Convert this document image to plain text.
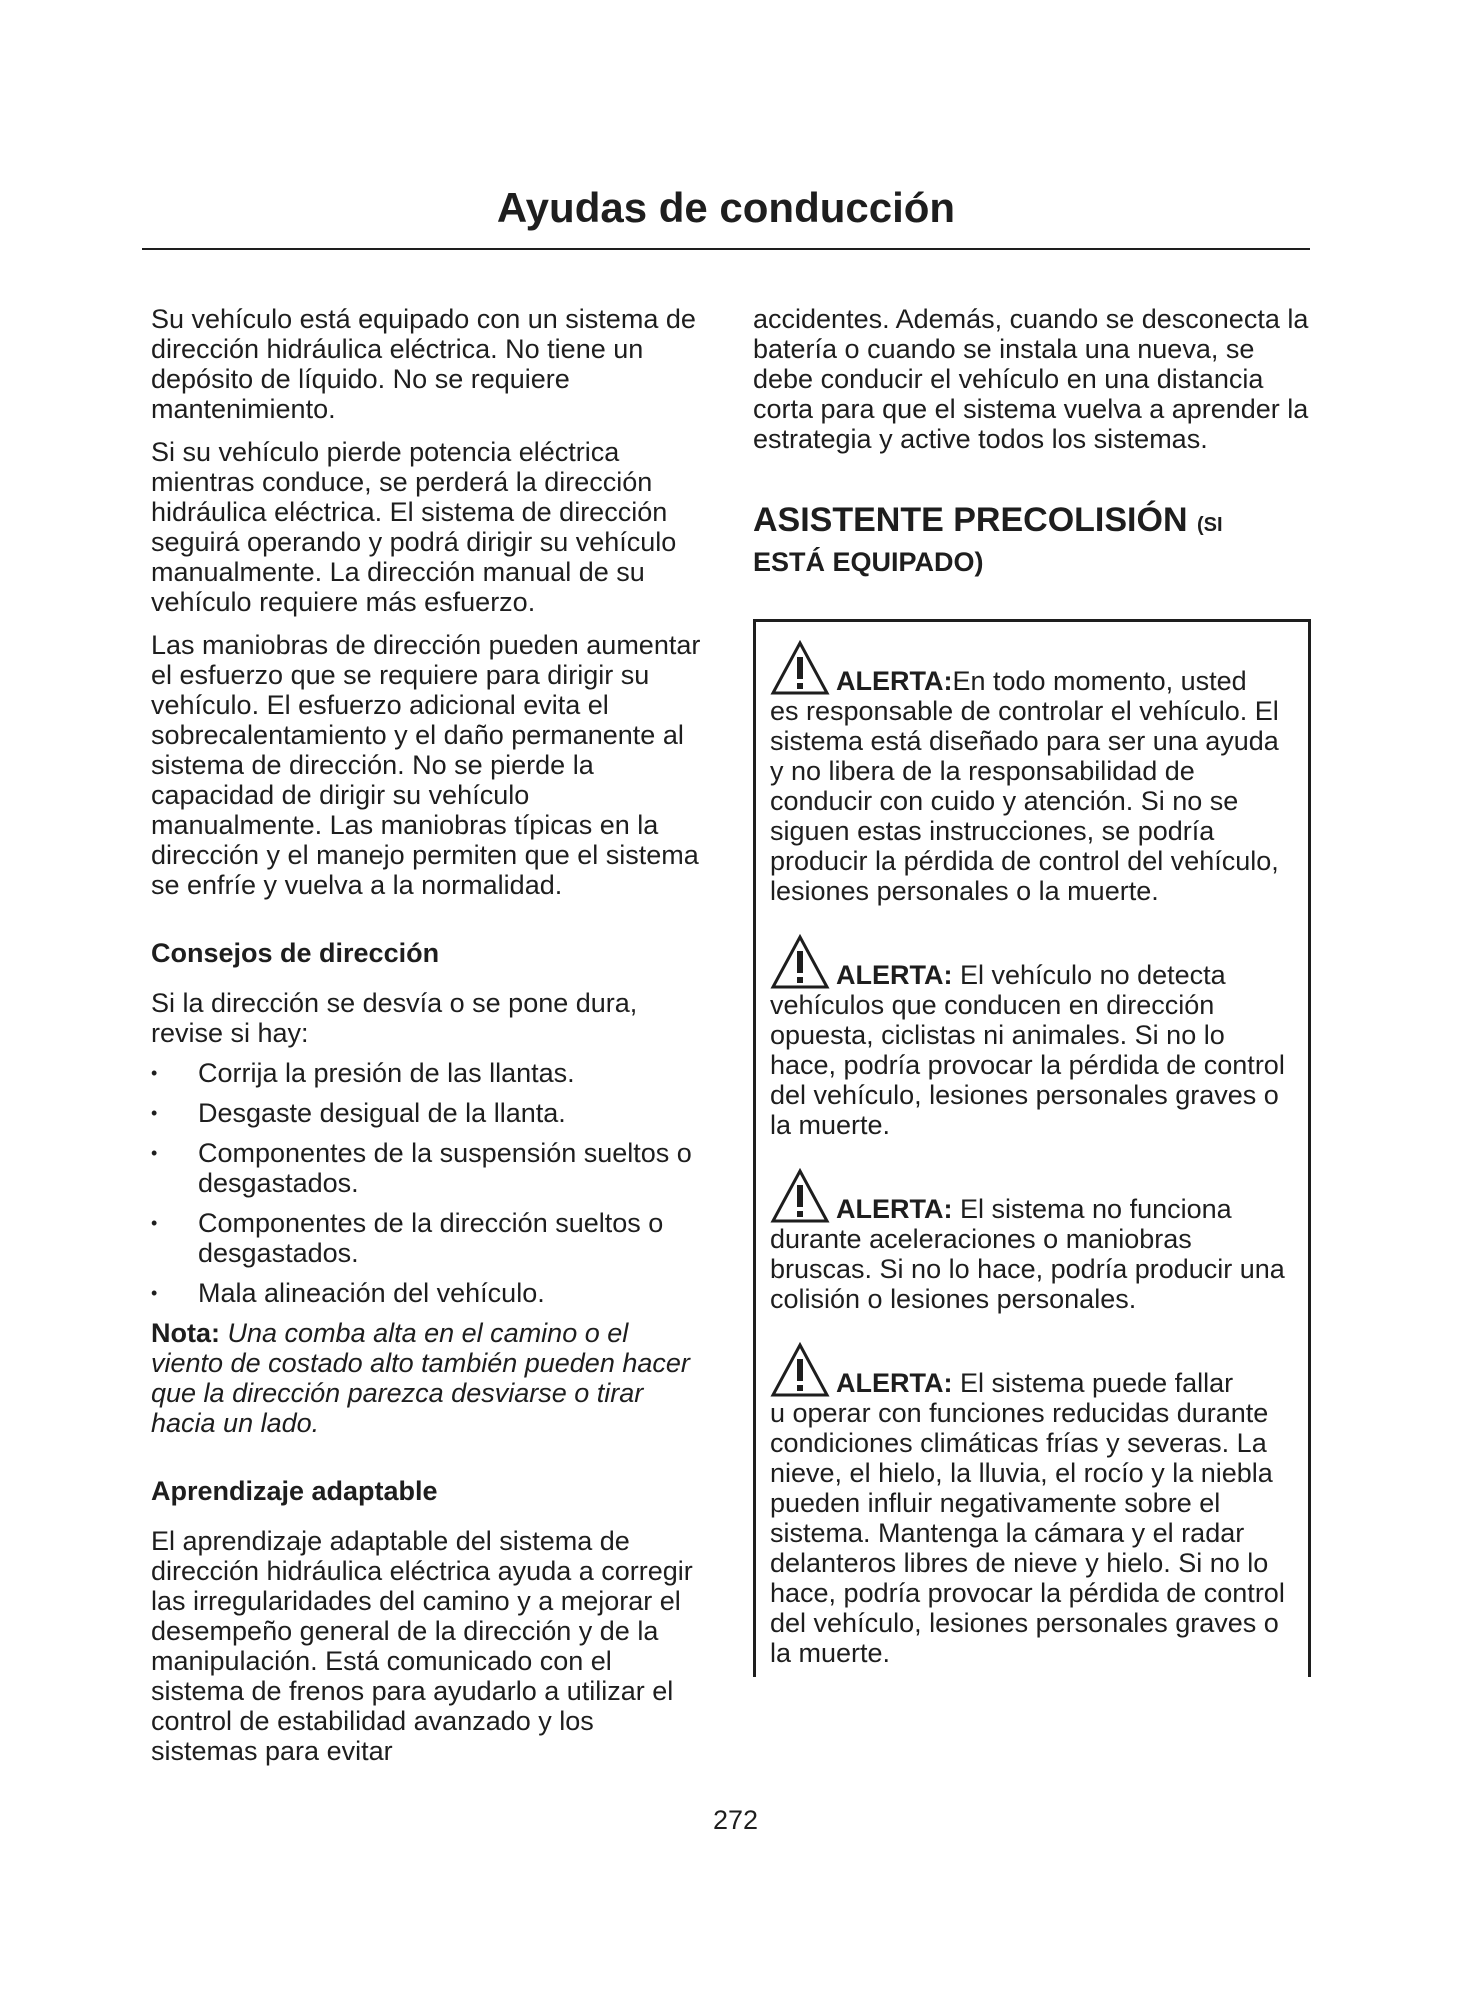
Ayudas de conducción

Su vehículo está equipado con un sistema de dirección hidráulica eléctrica. No tiene un depósito de líquido. No se requiere mantenimiento.

Si su vehículo pierde potencia eléctrica mientras conduce, se perderá la dirección hidráulica eléctrica. El sistema de dirección seguirá operando y podrá dirigir su vehículo manualmente. La dirección manual de su vehículo requiere más esfuerzo.

Las maniobras de dirección pueden aumentar el esfuerzo que se requiere para dirigir su vehículo. El esfuerzo adicional evita el sobrecalentamiento y el daño permanente al sistema de dirección. No se pierde la capacidad de dirigir su vehículo manualmente. Las maniobras típicas en la dirección y el manejo permiten que el sistema se enfríe y vuelva a la normalidad.

Consejos de dirección

Si la dirección se desvía o se pone dura, revise si hay:

• Corrija la presión de las llantas.
• Desgaste desigual de la llanta.
• Componentes de la suspensión sueltos o desgastados.
• Componentes de la dirección sueltos o desgastados.
• Mala alineación del vehículo.

Nota: Una comba alta en el camino o el viento de costado alto también pueden hacer que la dirección parezca desviarse o tirar hacia un lado.

Aprendizaje adaptable

El aprendizaje adaptable del sistema de dirección hidráulica eléctrica ayuda a corregir las irregularidades del camino y a mejorar el desempeño general de la dirección y de la manipulación. Está comunicado con el sistema de frenos para ayudarlo a utilizar el control de estabilidad avanzado y los sistemas para evitar

accidentes. Además, cuando se desconecta la batería o cuando se instala una nueva, se debe conducir el vehículo en una distancia corta para que el sistema vuelva a aprender la estrategia y active todos los sistemas.

ASISTENTE PRECOLISIÓN (SI

ESTÁ EQUIPADO)

ALERTA:En todo momento, usted

es responsable de controlar el vehículo. El sistema está diseñado para ser una ayuda y no libera de la responsabilidad de conducir con cuido y atención. Si no se siguen estas instrucciones, se podría producir la pérdida de control del vehículo, lesiones personales o la muerte.

ALERTA: El vehículo no detecta

vehículos que conducen en dirección opuesta, ciclistas ni animales. Si no lo hace, podría provocar la pérdida de control del vehículo, lesiones personales graves o la muerte.

ALERTA: El sistema no funciona

durante aceleraciones o maniobras bruscas. Si no lo hace, podría producir una colisión o lesiones personales.

ALERTA: El sistema puede fallar

u operar con funciones reducidas durante condiciones climáticas frías y severas. La nieve, el hielo, la lluvia, el rocío y la niebla pueden influir negativamente sobre el sistema. Mantenga la cámara y el radar delanteros libres de nieve y hielo. Si no lo hace, podría provocar la pérdida de control del vehículo, lesiones personales graves o la muerte.

272
